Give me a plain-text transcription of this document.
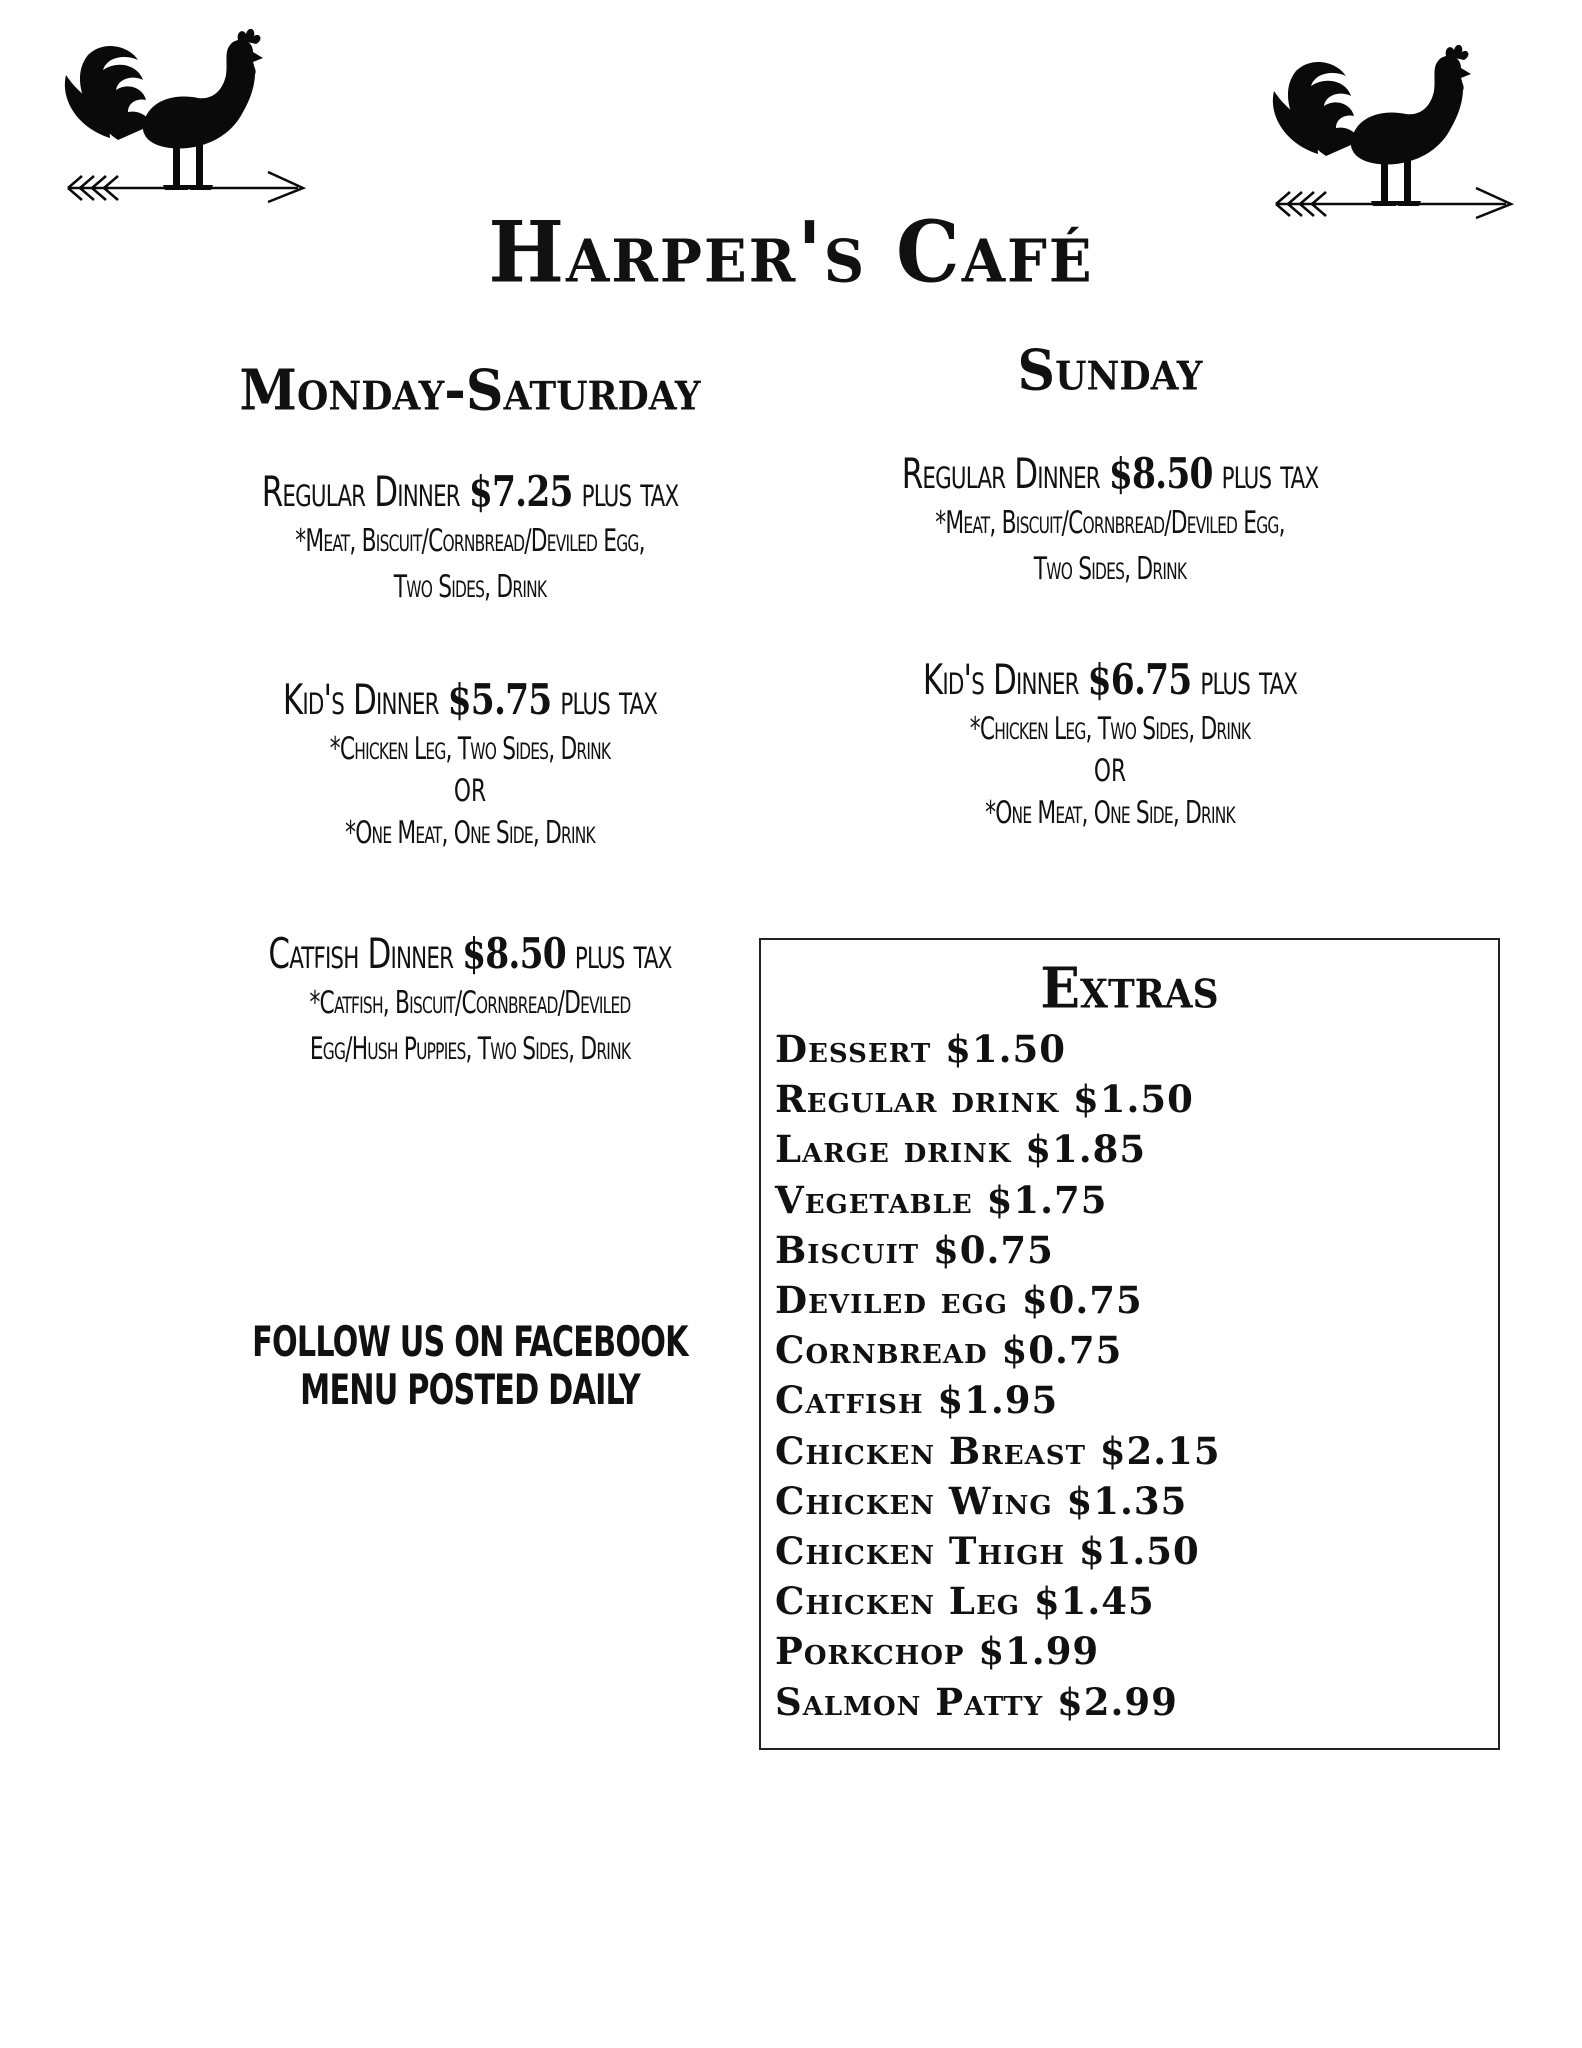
Harper's Café
Monday-Saturday
Regular Dinner $7.25 plus tax
*Meat, Biscuit/Cornbread/Deviled Egg,
Two Sides, Drink
Kid's Dinner $5.75 plus tax
*Chicken Leg, Two Sides, Drink
OR
*One Meat, One Side, Drink
Catfish Dinner $8.50 plus tax
*Catfish, Biscuit/Cornbread/Deviled
Egg/Hush Puppies, Two Sides, Drink
FOLLOW US ON FACEBOOK
MENU POSTED DAILY
Sunday
Regular Dinner $8.50 plus tax
*Meat, Biscuit/Cornbread/Deviled Egg,
Two Sides, Drink
Kid's Dinner $6.75 plus tax
*Chicken Leg, Two Sides, Drink
OR
*One Meat, One Side, Drink
Extras
Dessert $1.50
Regular drink $1.50
Large drink $1.85
Vegetable $1.75
Biscuit $0.75
Deviled egg $0.75
Cornbread $0.75
Catfish $1.95
Chicken Breast $2.15
Chicken Wing $1.35
Chicken Thigh $1.50
Chicken Leg $1.45
Porkchop $1.99
Salmon Patty $2.99
